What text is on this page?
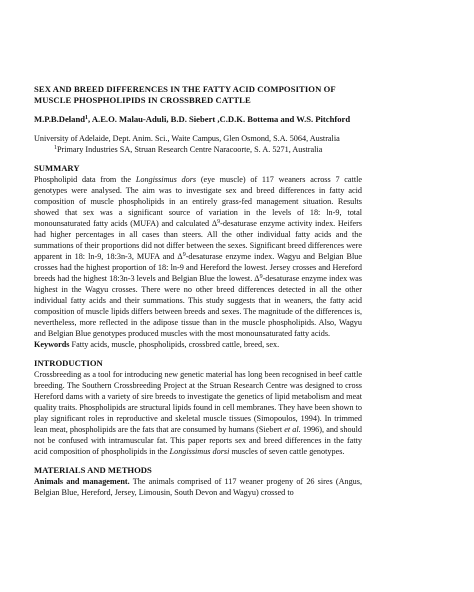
SEX AND BREED DIFFERENCES IN THE FATTY ACID COMPOSITION OF
MUSCLE PHOSPHOLIPIDS IN CROSSBRED CATTLE
M.P.B.Deland$^1$, A.E.O. Malau-Aduli, B.D. Siebert ,C.D.K. Bottema and W.S. Pitchford
University of Adelaide, Dept. Anim. Sci., Waite Campus, Glen Osmond, S.A. 5064, Australia
$^1$Primary Industries SA, Struan Research Centre Naracoorte, S. A. 5271, Australia
SUMMARY

Phospholipid data from the Longissimus dors (eye muscle) of 117 weaners across 7 cattle genotypes were analysed. The aim was to investigate sex and breed differences in fatty acid composition of muscle phospholipids in an entirely grass-fed management situation. Results showed that sex was a significant source of variation in the levels of 18: ln-9, total monounsaturated fatty acids (MUFA) and calculated $\Delta^9$-desaturase enzyme activity index. Heifers had higher percentages in all cases than steers. All the other individual fatty acids and the summations of their proportions did not differ between the sexes. Significant breed differences were apparent in 18: ln-9, 18:3n-3, MUFA and $\Delta^9$-desaturase enzyme index. Wagyu and Belgian Blue crosses had the highest proportion of 18: ln-9 and Hereford the lowest. Jersey crosses and Hereford breeds had the highest 18:3n-3 levels and Belgian Blue the lowest. $\Delta^9$-desaturase enzyme index was highest in the Wagyu crosses. There were no other breed differences detected in all the other individual fatty acids and their summations. This study suggests that in weaners, the fatty acid composition of muscle lipids differs between breeds and sexes. The magnitude of the differences is, nevertheless, more reflected in the adipose tissue than in the muscle phospholipids. Also, Wagyu and Belgian Blue genotypes produced muscles with the most monounsaturated fatty acids.

Keywords Fatty acids, muscle, phospholipids, crossbred cattle, breed, sex.

INTRODUCTION

Crossbreeding as a tool for introducing new genetic material has long been recognised in beef cattle breeding. The Southern Crossbreeding Project at the Struan Research Centre was designed to cross Hereford dams with a variety of sire breeds to investigate the genetics of lipid metabolism and meat quality traits. Phospholipids are structural lipids found in cell membranes. They have been shown to play significant roles in reproductive and skeletal muscle tissues (Simopoulos, 1994). In trimmed lean meat, phospholipids are the fats that are consumed by humans (Siebert et al. 1996), and should not be confused with intramuscular fat. This paper reports sex and breed differences in the fatty acid composition of phospholipids in the Longissimus dorsi muscles of seven cattle genotypes.

MATERIALS AND METHODS

Animals and management. The animals comprised of 117 weaner progeny of 26 sires (Angus, Belgian Blue, Hereford, Jersey, Limousin, South Devon and Wagyu) crossed to
